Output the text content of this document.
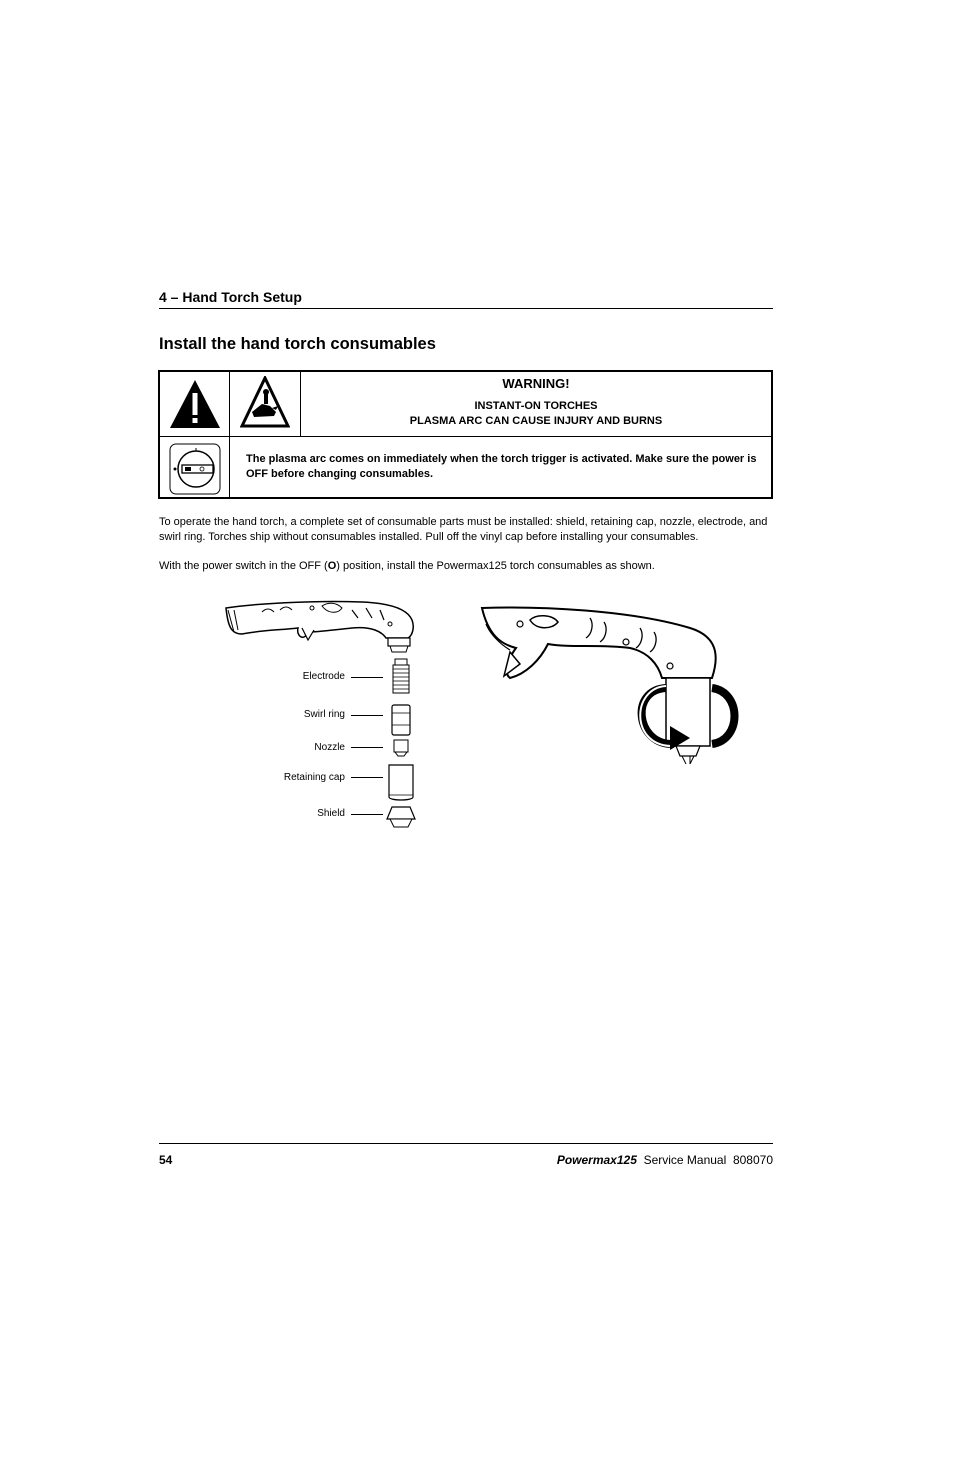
4 – Hand Torch Setup
Install the hand torch consumables
WARNING!
INSTANT-ON TORCHES
PLASMA ARC CAN CAUSE INJURY AND BURNS
The plasma arc comes on immediately when the torch trigger is activated. Make sure the power is OFF before changing consumables.
To operate the hand torch, a complete set of consumable parts must be installed: shield, retaining cap, nozzle, electrode, and swirl ring. Torches ship without consumables installed. Pull off the vinyl cap before installing your consumables.
With the power switch in the OFF (O) position, install the Powermax125 torch consumables as shown.
Electrode
Swirl ring
Nozzle
Retaining cap
Shield
54	Powermax125 Service Manual 808070
